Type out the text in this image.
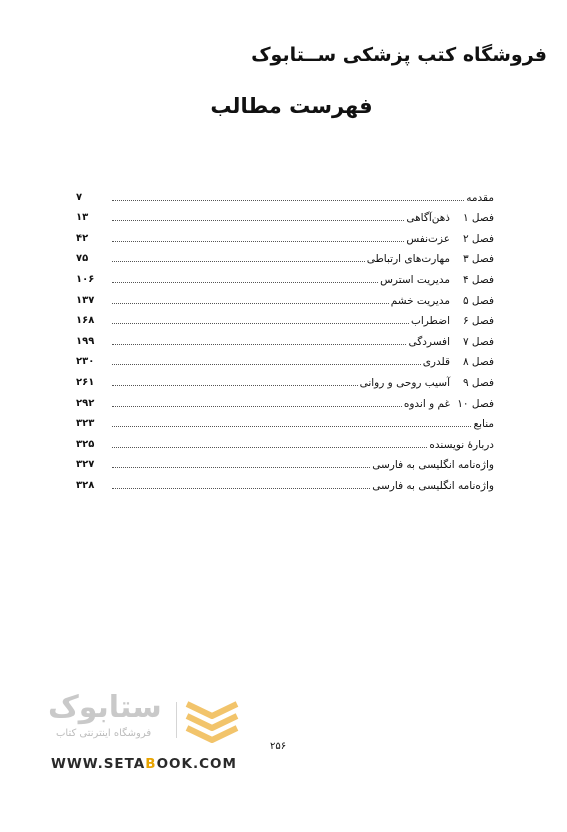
فروشگاه کتب پزشکی ســتابوک
فهرست مطالب
۷	مقدمه
۱۳	ذهن‌آگاهی	فصل ۱
۴۲	عزت‌نفس	فصل ۲
۷۵	مهارت‌های ارتباطی	فصل ۳
۱۰۶	مدیریت استرس	فصل ۴
۱۳۷	مدیریت خشم	فصل ۵
۱۶۸	اضطراب	فصل ۶
۱۹۹	افسردگی	فصل ۷
۲۳۰	قلدری	فصل ۸
۲۶۱	آسیب روحی و روانی	فصل ۹
۲۹۲	غم و اندوه فصل ۱۰
۳۲۳	منابع
۳۲۵	دربارهٔ نویسنده
۳۲۷	واژه‌نامه انگلیسی به فارسی
۳۲۸	واژه‌نامه انگلیسی به فارسی
۲۵۶
ستابوک
فروشگاه اینترنتی کتاب
WWW.SETABOOK.COM
